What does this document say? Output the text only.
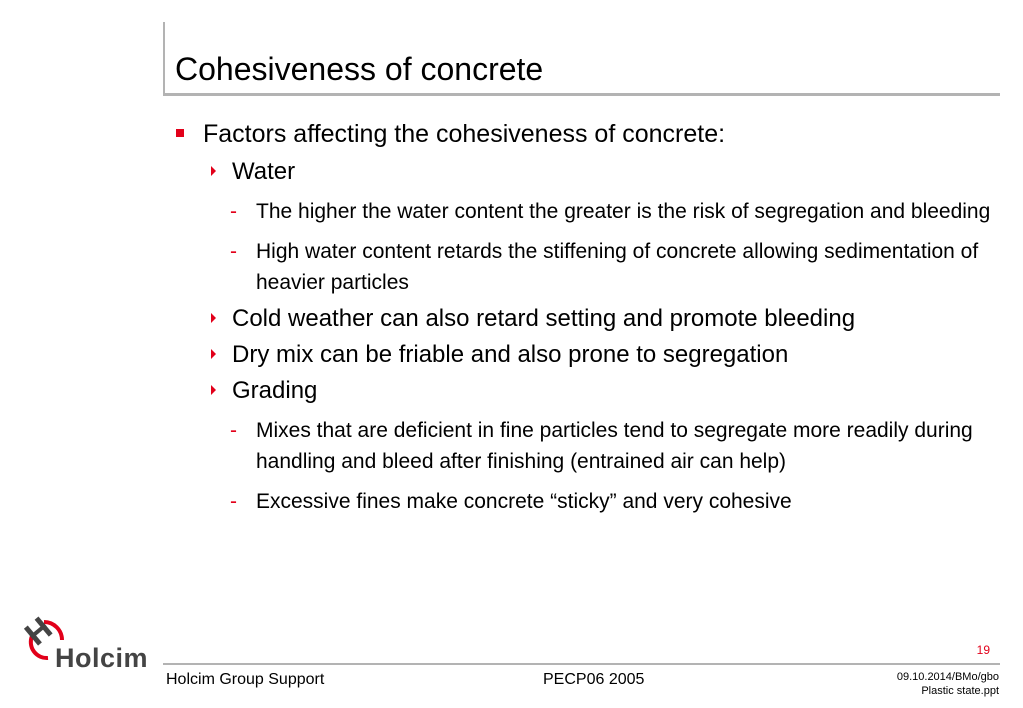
Cohesiveness of concrete
Factors affecting the cohesiveness of concrete:
Water
- The higher the water content the greater is the risk of segregation and bleeding
- High water content retards the stiffening of concrete allowing sedimentation of heavier particles
Cold weather can also retard setting and promote bleeding
Dry mix can be friable and also prone to segregation
Grading
- Mixes that are deficient in fine particles tend to segregate more readily during handling and bleed after finishing (entrained air can help)
- Excessive fines make concrete “sticky” and very cohesive
Holcim	19
Holcim Group Support	PECP06 2005	09.10.2014/BMo/gbo
Plastic state.ppt
